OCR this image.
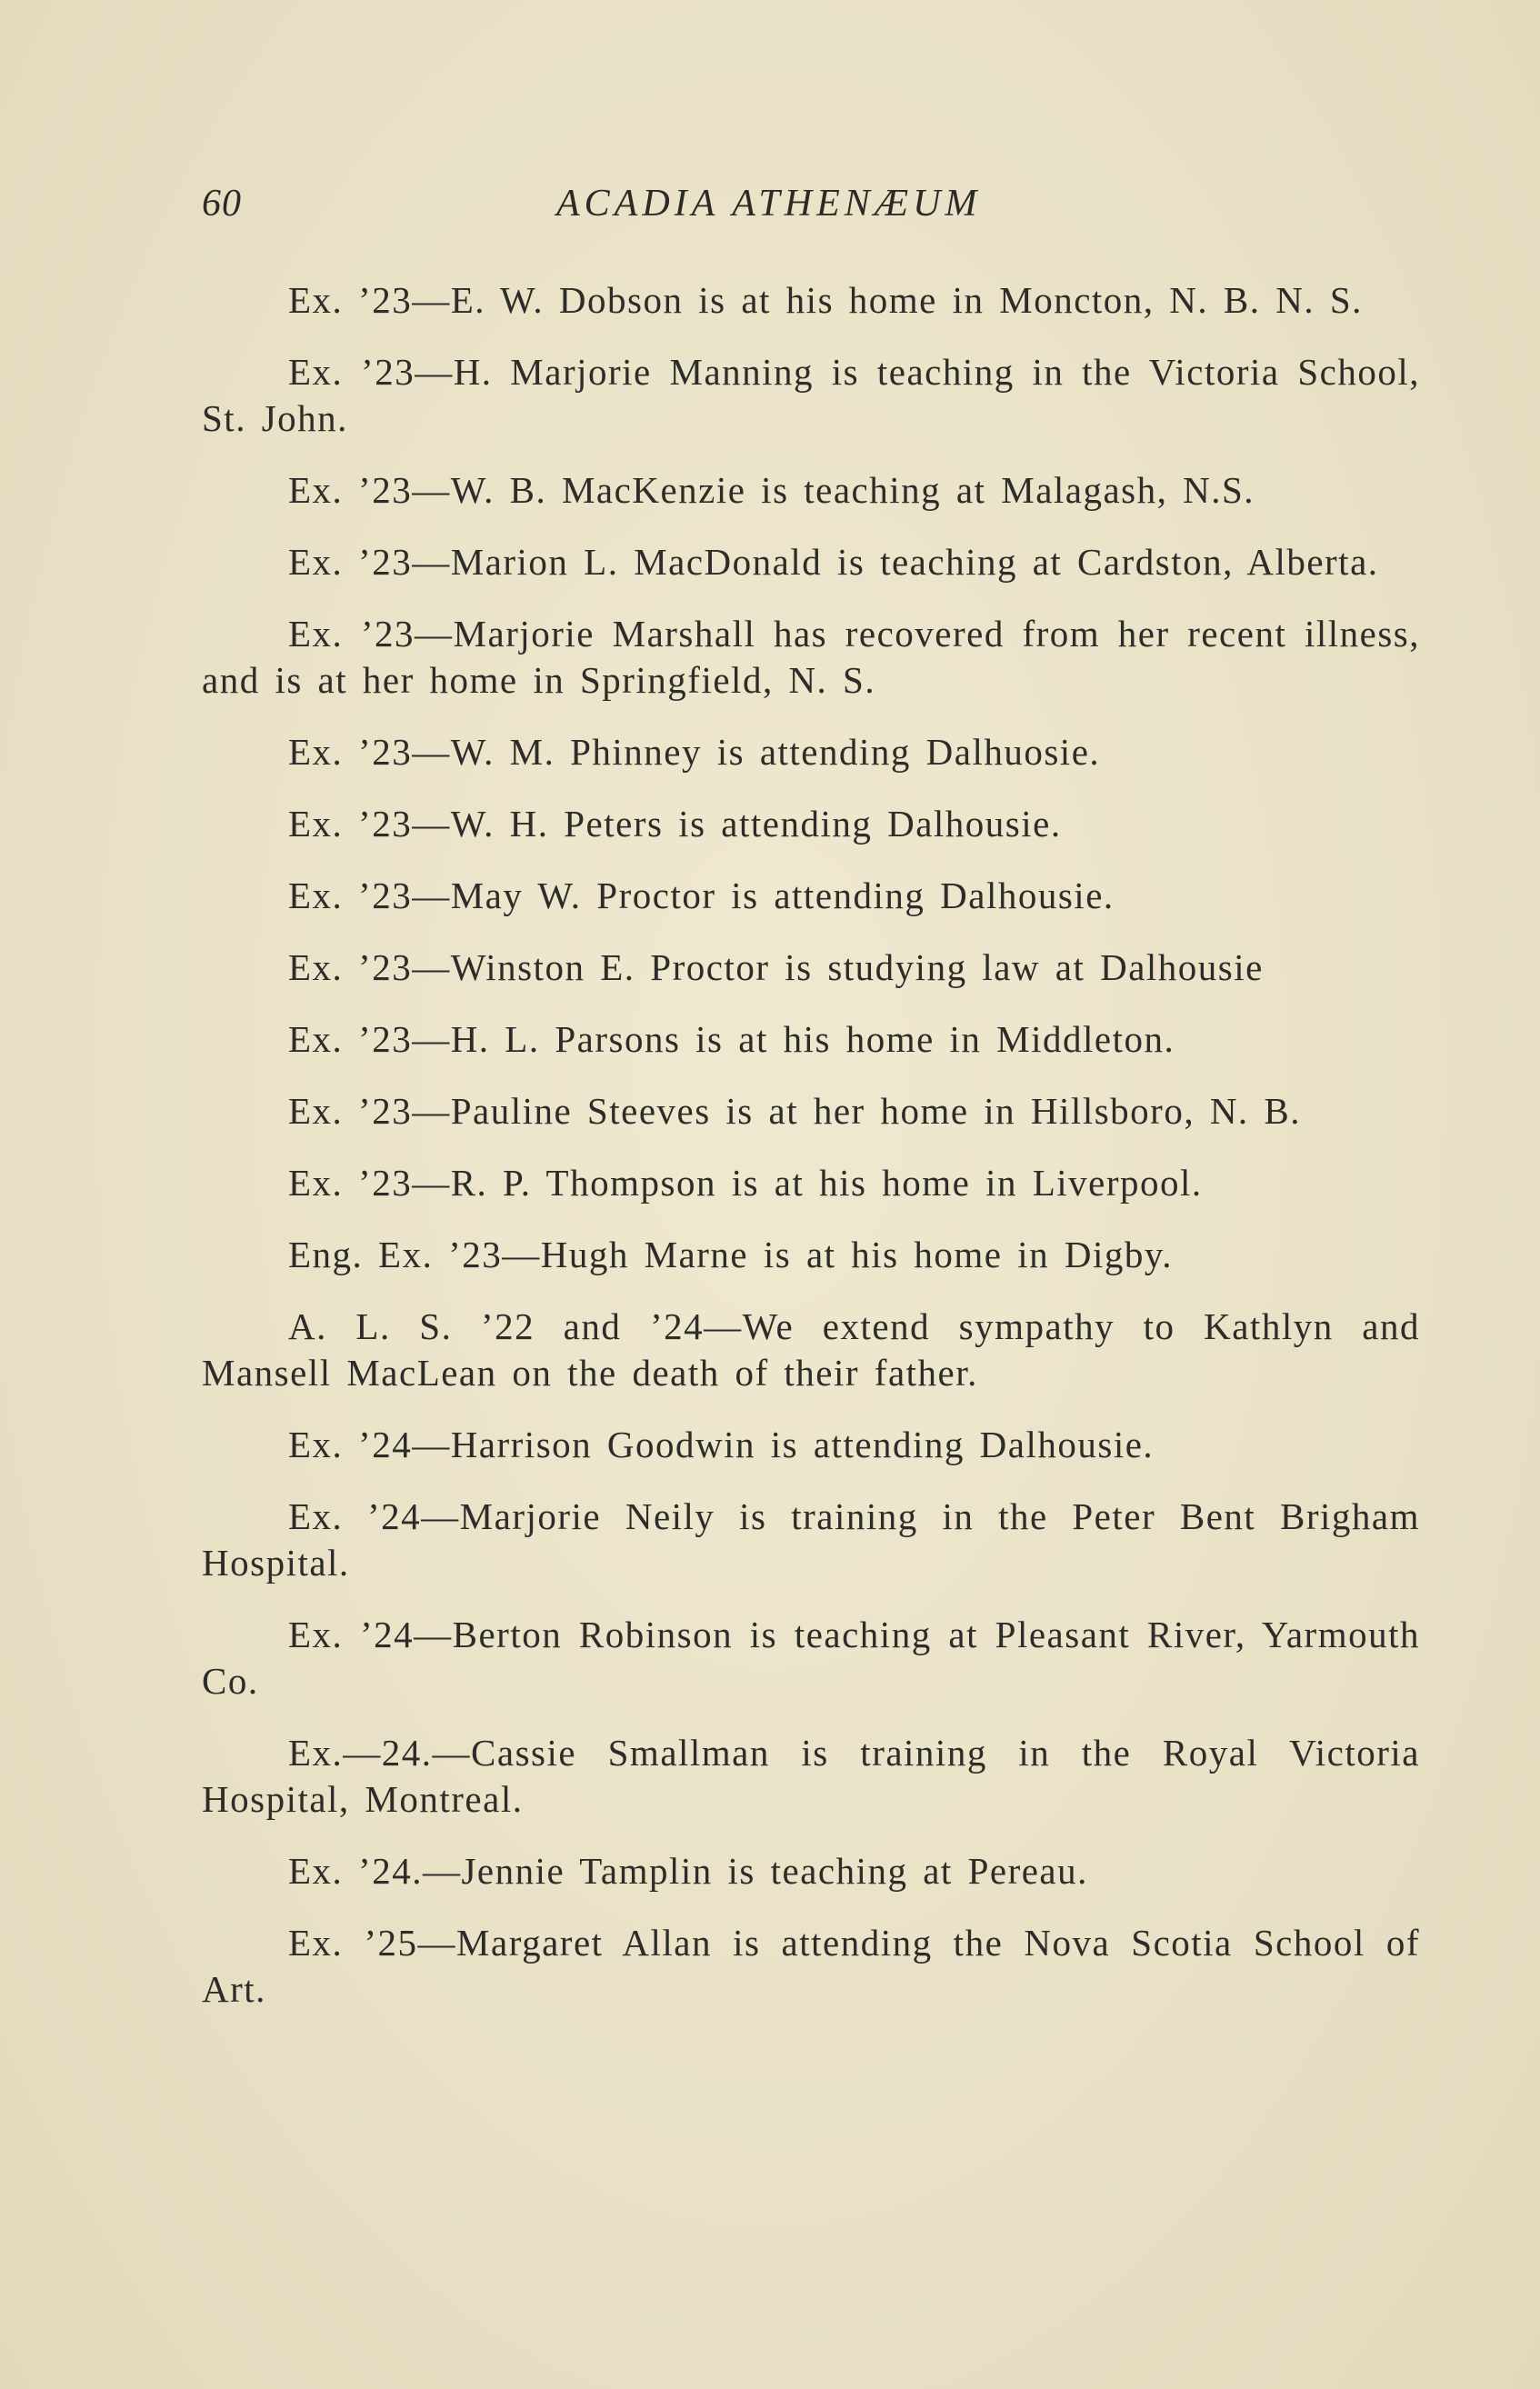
60	ACADIA ATHENÆUM

Ex. ’23—E. W. Dobson is at his home in Moncton, N. B. N. S.

Ex. ’23—H. Marjorie Manning is teaching in the Victoria School, St. John.

Ex. ’23—W. B. MacKenzie is teaching at Malagash, N.S.

Ex. ’23—Marion L. MacDonald is teaching at Cardston, Alberta.

Ex. ’23—Marjorie Marshall has recovered from her recent illness, and is at her home in Springfield, N. S.

Ex. ’23—W. M. Phinney is attending Dalhuosie.

Ex. ’23—W. H. Peters is attending Dalhousie.

Ex. ’23—May W. Proctor is attending Dalhousie.

Ex. ’23—Winston E. Proctor is studying law at Dalhousie

Ex. ’23—H. L. Parsons is at his home in Middleton.

Ex. ’23—Pauline Steeves is at her home in Hillsboro, N. B.

Ex. ’23—R. P. Thompson is at his home in Liverpool.

Eng. Ex. ’23—Hugh Marne is at his home in Digby.

A. L. S. ’22 and ’24—We extend sympathy to Kathlyn and Mansell MacLean on the death of their father.

Ex. ’24—Harrison Goodwin is attending Dalhousie.

Ex. ’24—Marjorie Neily is training in the Peter Bent Brigham Hospital.

Ex. ’24—Berton Robinson is teaching at Pleasant River, Yarmouth Co.

Ex.—24.—Cassie Smallman is training in the Royal Victoria Hospital, Montreal.

Ex. ’24.—Jennie Tamplin is teaching at Pereau.

Ex. ’25—Margaret Allan is attending the Nova Scotia School of Art.
